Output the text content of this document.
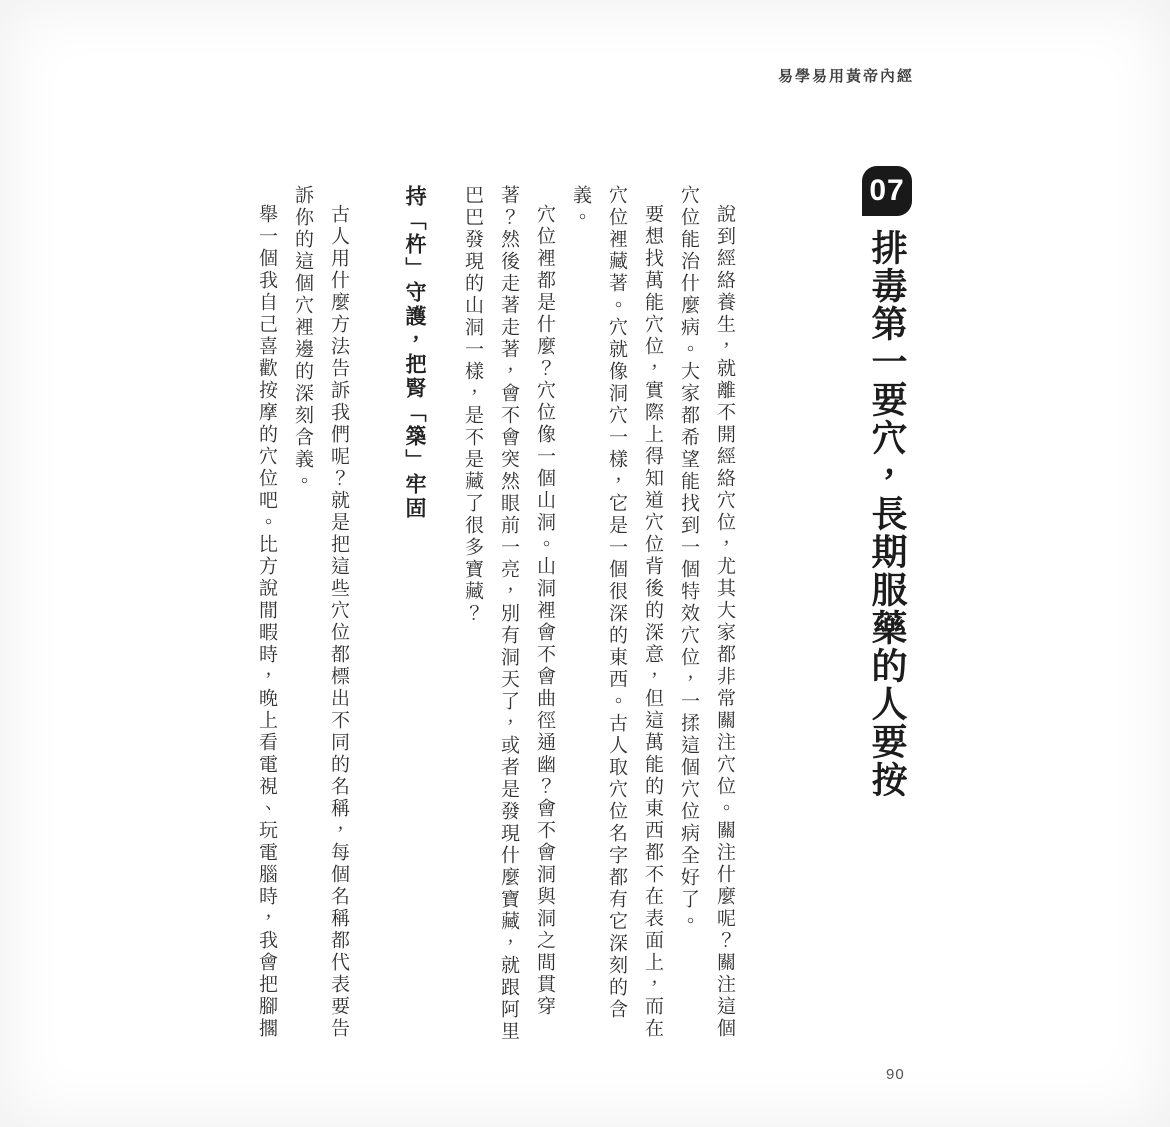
易學易用黃帝內經
07排毒第一要穴，長期服藥的人要按

說到經絡養生，就離不開經絡穴位，尤其大家都非常關注穴位。關注什麼呢？關注這個穴位能治什麼病。大家都希望能找到一個特效穴位，一揉這個穴位病全好了。

要想找萬能穴位，實際上得知道穴位背後的深意，但這萬能的東西都不在表面上，而在穴位裡藏著。穴就像洞穴一樣，它是一個很深的東西。古人取穴位名字都有它深刻的含義。

穴位裡都是什麼？穴位像一個山洞。山洞裡會不會曲徑通幽？會不會洞與洞之間貫穿著？然後走著走著，會不會突然眼前一亮，別有洞天了，或者是發現什麼寶藏，就跟阿里巴巴發現的山洞一樣，是不是藏了很多寶藏？

持「杵」守護，把腎「築」牢固

古人用什麼方法告訴我們呢？就是把這些穴位都標出不同的名稱，每個名稱都代表要告訴你的這個穴裡邊的深刻含義。

舉一個我自己喜歡按摩的穴位吧。比方說閒暇時，晚上看電視、玩電腦時，我會把腳擱

90
